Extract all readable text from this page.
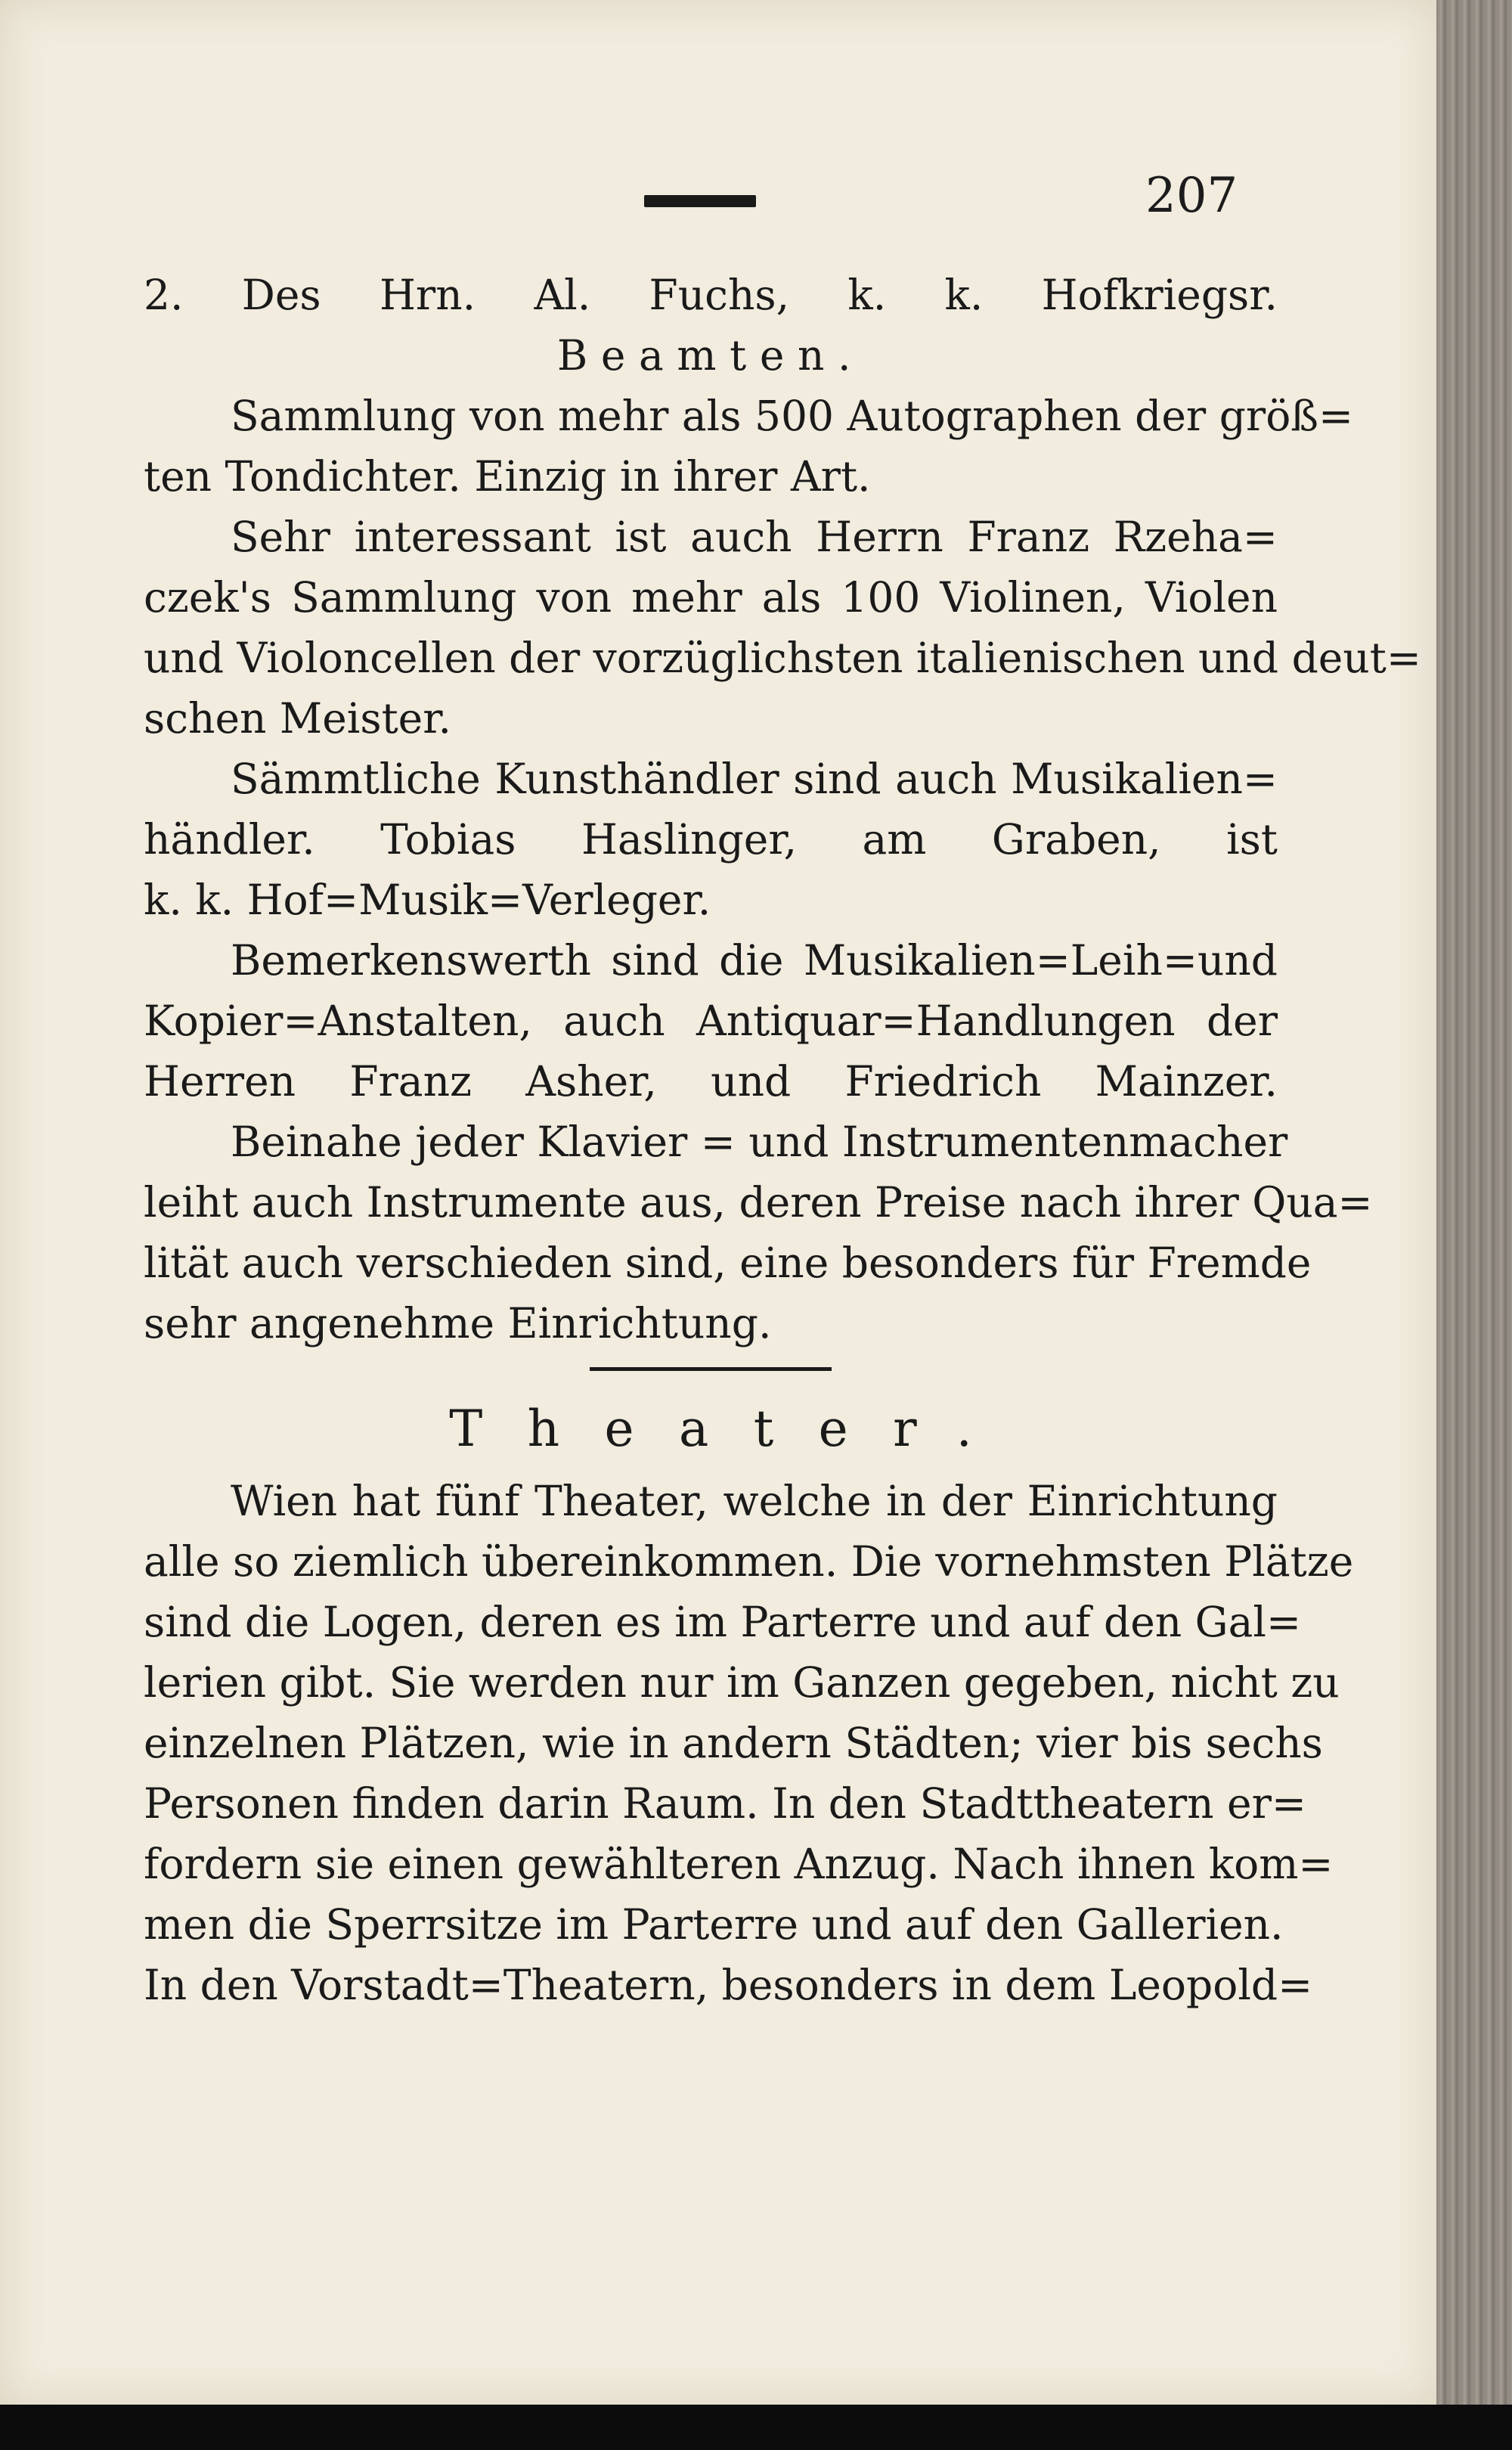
207
2. Des Hrn. Al. Fuchs, k. k. Hofkriegsr.
Beamten.
Sammlung von mehr als 500 Autographen der größ=
ten Tondichter. Einzig in ihrer Art.
Sehr interessant ist auch Herrn Franz Rzeha=
czek's Sammlung von mehr als 100 Violinen, Violen
und Violoncellen der vorzüglichsten italienischen und deut=
schen Meister.
Sämmtliche Kunsthändler sind auch Musikalien=
händler. Tobias Haslinger, am Graben, ist
k. k. Hof=Musik=Verleger.
Bemerkenswerth sind die Musikalien=Leih=und
Kopier=Anstalten, auch Antiquar=Handlungen der
Herren Franz Asher, und Friedrich Mainzer.
Beinahe jeder Klavier = und Instrumentenmacher
leiht auch Instrumente aus, deren Preise nach ihrer Qua=
lität auch verschieden sind, eine besonders für Fremde
sehr angenehme Einrichtung.
Theater.
Wien hat fünf Theater, welche in der Einrichtung
alle so ziemlich übereinkommen. Die vornehmsten Plätze
sind die Logen, deren es im Parterre und auf den Gal=
lerien gibt. Sie werden nur im Ganzen gegeben, nicht zu
einzelnen Plätzen, wie in andern Städten; vier bis sechs
Personen finden darin Raum. In den Stadttheatern er=
fordern sie einen gewählteren Anzug. Nach ihnen kom=
men die Sperrsitze im Parterre und auf den Gallerien.
In den Vorstadt=Theatern, besonders in dem Leopold=
